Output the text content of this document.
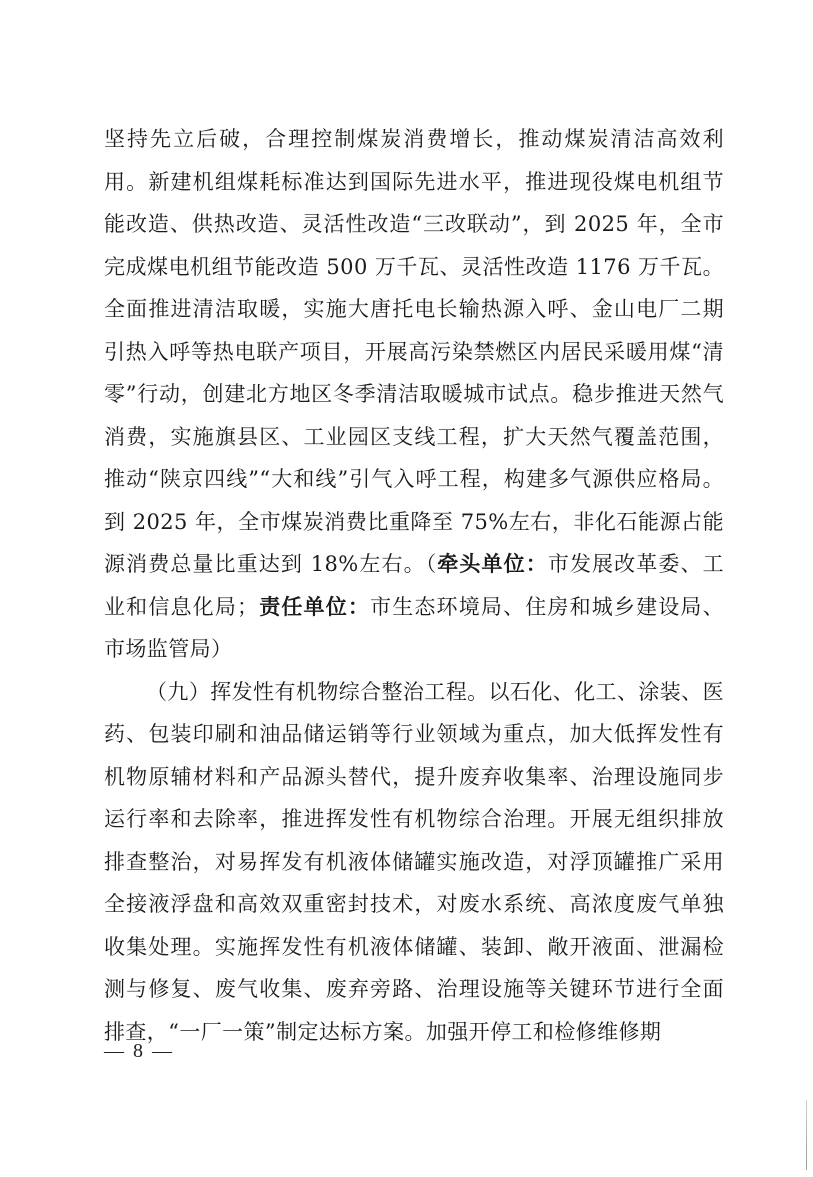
坚持先立后破，合理控制煤炭消费增长，推动煤炭清洁高效利用。新建机组煤耗标准达到国际先进水平，推进现役煤电机组节能改造、供热改造、灵活性改造“三改联动”，到 2025 年，全市完成煤电机组节能改造 500 万千瓦、灵活性改造 1176 万千瓦。全面推进清洁取暖，实施大唐托电长输热源入呼、金山电厂二期引热入呼等热电联产项目，开展高污染禁燃区内居民采暖用煤“清零”行动，创建北方地区冬季清洁取暖城市试点。稳步推进天然气消费，实施旗县区、工业园区支线工程，扩大天然气覆盖范围，推动“陕京四线”“大和线”引气入呼工程，构建多气源供应格局。到 2025 年，全市煤炭消费比重降至 75%左右，非化石能源占能源消费总量比重达到 18%左右。（牵头单位：市发展改革委、工业和信息化局；责任单位：市生态环境局、住房和城乡建设局、市场监管局）

（九）挥发性有机物综合整治工程。以石化、化工、涂装、医药、包装印刷和油品储运销等行业领域为重点，加大低挥发性有机物原辅材料和产品源头替代，提升废弃收集率、治理设施同步运行率和去除率，推进挥发性有机物综合治理。开展无组织排放排查整治，对易挥发有机液体储罐实施改造，对浮顶罐推广采用全接液浮盘和高效双重密封技术，对废水系统、高浓度废气单独收集处理。实施挥发性有机液体储罐、装卸、敞开液面、泄漏检测与修复、废气收集、废弃旁路、治理设施等关键环节进行全面排查，“一厂一策”制定达标方案。加强开停工和检修维修期

— 8 —
